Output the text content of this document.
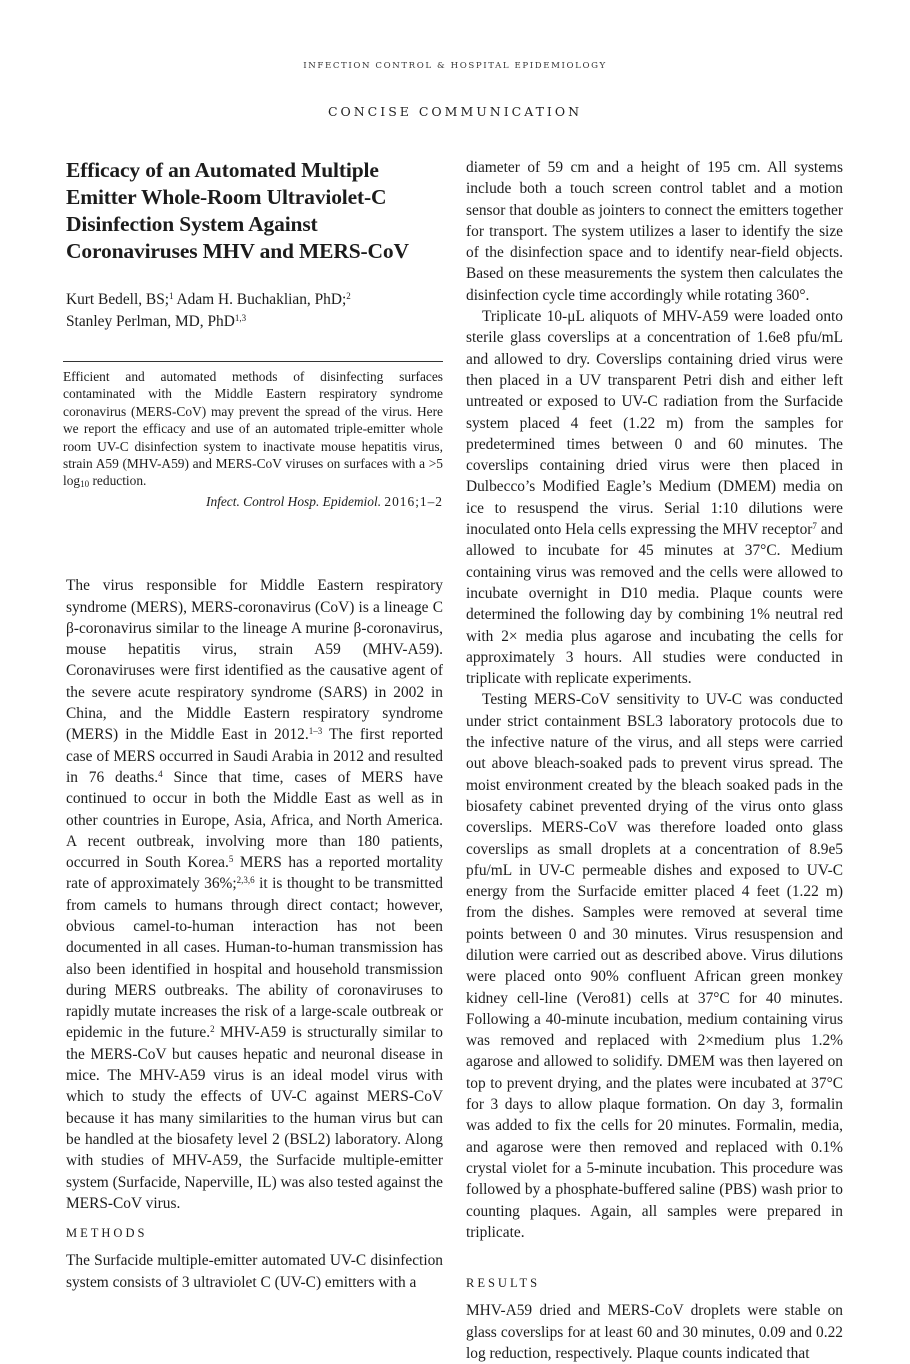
INFECTION CONTROL & HOSPITAL EPIDEMIOLOGY
CONCISE COMMUNICATION
Efficacy of an Automated Multiple Emitter Whole-Room Ultraviolet-C Disinfection System Against Coronaviruses MHV and MERS-CoV
Kurt Bedell, BS;$^1$ Adam H. Buchaklian, PhD;$^2$
Stanley Perlman, MD, PhD$^{1,3}$
Efficient and automated methods of disinfecting surfaces contaminated with the Middle Eastern respiratory syndrome coronavirus (MERS-CoV) may prevent the spread of the virus. Here we report the efficacy and use of an automated triple-emitter whole room UV-C disinfection system to inactivate mouse hepatitis virus, strain A59 (MHV-A59) and MERS-CoV viruses on surfaces with a >5 $\log_{10}$ reduction.
Infect. Control Hosp. Epidemiol. 2016;1–2

The virus responsible for Middle Eastern respiratory syndrome (MERS), MERS-coronavirus (CoV) is a lineage C β-coronavirus similar to the lineage A murine β-coronavirus, mouse hepatitis virus, strain A59 (MHV-A59). Coronaviruses were first identified as the causative agent of the severe acute respiratory syndrome (SARS) in 2002 in China, and the Middle Eastern respiratory syndrome (MERS) in the Middle East in 2012.$^{1-3}$ The first reported case of MERS occurred in Saudi Arabia in 2012 and resulted in 76 deaths.$^4$ Since that time, cases of MERS have continued to occur in both the Middle East as well as in other countries in Europe, Asia, Africa, and North America. A recent outbreak, involving more than 180 patients, occurred in South Korea.$^5$ MERS has a reported mortality rate of approximately 36%;$^{2,3,6}$ it is thought to be transmitted from camels to humans through direct contact; however, obvious camel-to-human interaction has not been documented in all cases. Human-to-human transmission has also been identified in hospital and household transmission during MERS outbreaks. The ability of coronaviruses to rapidly mutate increases the risk of a large-scale outbreak or epidemic in the future.$^2$ MHV-A59 is structurally similar to the MERS-CoV but causes hepatic and neuronal disease in mice. The MHV-A59 virus is an ideal model virus with which to study the effects of UV-C against MERS-CoV because it has many similarities to the human virus but can be handled at the biosafety level 2 (BSL2) laboratory. Along with studies of MHV-A59, the Surfacide multiple-emitter system (Surfacide, Naperville, IL) was also tested against the MERS-CoV virus.

METHODS

The Surfacide multiple-emitter automated UV-C disinfection system consists of 3 ultraviolet C (UV-C) emitters with a

diameter of 59 cm and a height of 195 cm. All systems include both a touch screen control tablet and a motion sensor that double as jointers to connect the emitters together for transport. The system utilizes a laser to identify the size of the disinfection space and to identify near-field objects. Based on these measurements the system then calculates the disinfection cycle time accordingly while rotating 360°.

Triplicate 10-μL aliquots of MHV-A59 were loaded onto sterile glass coverslips at a concentration of 1.6e8 pfu/mL and allowed to dry. Coverslips containing dried virus were then placed in a UV transparent Petri dish and either left untreated or exposed to UV-C radiation from the Surfacide system placed 4 feet (1.22 m) from the samples for predetermined times between 0 and 60 minutes. The coverslips containing dried virus were then placed in Dulbecco’s Modified Eagle’s Medium (DMEM) media on ice to resuspend the virus. Serial 1:10 dilutions were inoculated onto Hela cells expressing the MHV receptor$^7$ and allowed to incubate for 45 minutes at 37°C. Medium containing virus was removed and the cells were allowed to incubate overnight in D10 media. Plaque counts were determined the following day by combining 1% neutral red with 2× media plus agarose and incubating the cells for approximately 3 hours. All studies were conducted in triplicate with replicate experiments.

Testing MERS-CoV sensitivity to UV-C was conducted under strict containment BSL3 laboratory protocols due to the infective nature of the virus, and all steps were carried out above bleach-soaked pads to prevent virus spread. The moist environment created by the bleach soaked pads in the biosafety cabinet prevented drying of the virus onto glass coverslips. MERS-CoV was therefore loaded onto glass coverslips as small droplets at a concentration of 8.9e5 pfu/mL in UV-C permeable dishes and exposed to UV-C energy from the Surfacide emitter placed 4 feet (1.22 m) from the dishes. Samples were removed at several time points between 0 and 30 minutes. Virus resuspension and dilution were carried out as described above. Virus dilutions were placed onto 90% confluent African green monkey kidney cell-line (Vero81) cells at 37°C for 40 minutes. Following a 40-minute incubation, medium containing virus was removed and replaced with 2×medium plus 1.2% agarose and allowed to solidify. DMEM was then layered on top to prevent drying, and the plates were incubated at 37°C for 3 days to allow plaque formation. On day 3, formalin was added to fix the cells for 20 minutes. Formalin, media, and agarose were then removed and replaced with 0.1% crystal violet for a 5-minute incubation. This procedure was followed by a phosphate-buffered saline (PBS) wash prior to counting plaques. Again, all samples were prepared in triplicate.

RESULTS

MHV-A59 dried and MERS-CoV droplets were stable on glass coverslips for at least 60 and 30 minutes, 0.09 and 0.22 log reduction, respectively. Plaque counts indicated that
